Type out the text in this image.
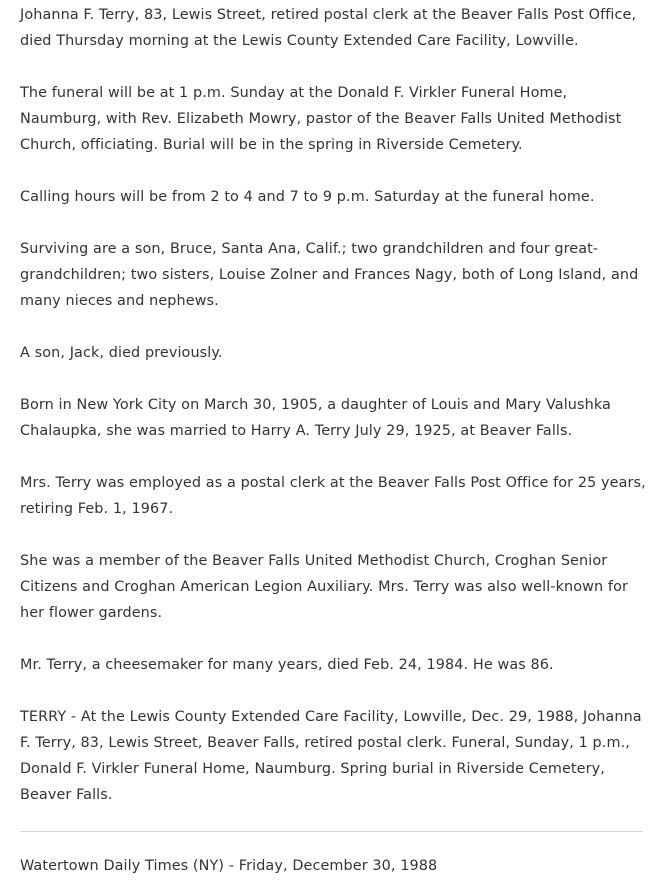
Johanna F. Terry, 83, Lewis Street, retired postal clerk at the Beaver Falls Post Office, died Thursday morning at the Lewis County Extended Care Facility, Lowville.

The funeral will be at 1 p.m. Sunday at the Donald F. Virkler Funeral Home, Naumburg, with Rev. Elizabeth Mowry, pastor of the Beaver Falls United Methodist Church, officiating. Burial will be in the spring in Riverside Cemetery.

Calling hours will be from 2 to 4 and 7 to 9 p.m. Saturday at the funeral home.

Surviving are a son, Bruce, Santa Ana, Calif.; two grandchildren and four great-grandchildren; two sisters, Louise Zolner and Frances Nagy, both of Long Island, and many nieces and nephews.

A son, Jack, died previously.

Born in New York City on March 30, 1905, a daughter of Louis and Mary Valushka Chalaupka, she was married to Harry A. Terry July 29, 1925, at Beaver Falls.

Mrs. Terry was employed as a postal clerk at the Beaver Falls Post Office for 25 years, retiring Feb. 1, 1967.

She was a member of the Beaver Falls United Methodist Church, Croghan Senior Citizens and Croghan American Legion Auxiliary. Mrs. Terry was also well-known for her flower gardens.

Mr. Terry, a cheesemaker for many years, died Feb. 24, 1984. He was 86.

TERRY - At the Lewis County Extended Care Facility, Lowville, Dec. 29, 1988, Johanna F. Terry, 83, Lewis Street, Beaver Falls, retired postal clerk. Funeral, Sunday, 1 p.m., Donald F. Virkler Funeral Home, Naumburg. Spring burial in Riverside Cemetery, Beaver Falls.

Watertown Daily Times (NY) - Friday, December 30, 1988
